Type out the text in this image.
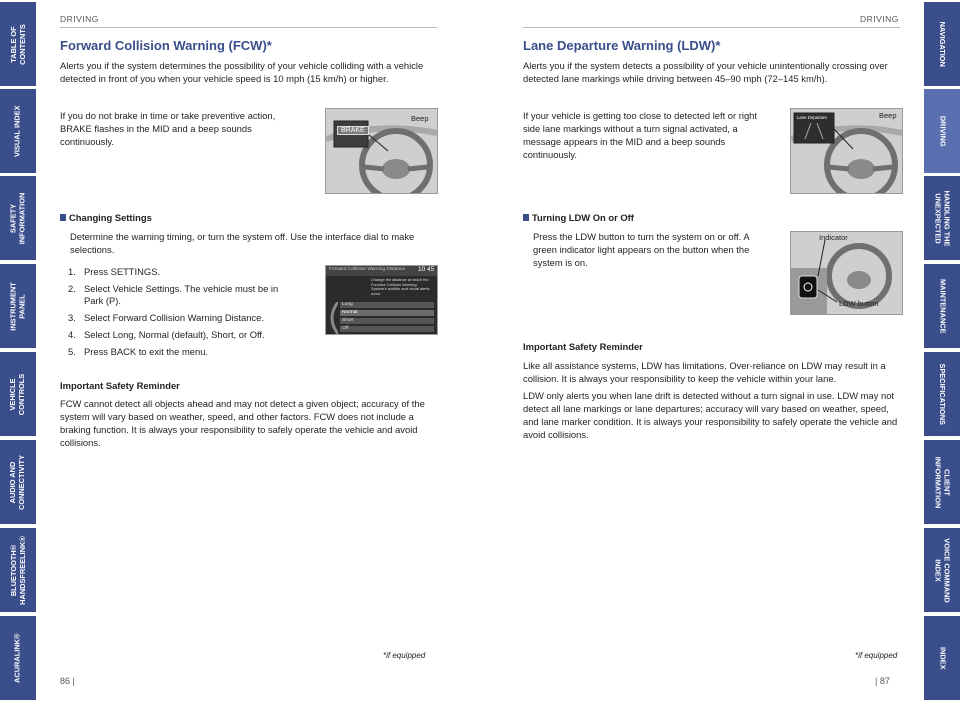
TABLE OF
CONTENTS
VISUAL INDEX
SAFETY
INFORMATION
INSTRUMENT
PANEL
VEHICLE
CONTROLS
AUDIO AND
CONNECTIVITY
BLUETOOTH®
HANDSFREELINK®
ACURALINK®
NAVIGATION
DRIVING
HANDLING THE
UNEXPECTED
MAINTENANCE
SPECIFICATIONS
CLIENT
INFORMATION
VOICE COMMAND
INDEX
INDEX
DRIVING
Forward Collision Warning (FCW)*

Alerts you if the system determines the possibility of your vehicle colliding with a vehicle detected in front of you when your vehicle speed is 10 mph (15 km/h) or higher.

If you do not brake in time or take preventive action, BRAKE flashes in the MID and a beep sounds continuously.

BRAKE
Beep
Changing Settings

Determine the warning timing, or turn the system off. Use the interface dial to make selections.

1. Press SETTINGS.
2. Select Vehicle Settings. The vehicle must be in Park (P).
3. Select Forward Collision Warning Distance.
4. Select Long, Normal (default), Short, or Off.
5. Press BACK to exit the menu.
Forward Collision Warning Distance 10 45
Change the distance at which the Forward Collision Warning System's audible and visual alerts occur.
Long
Normal
Short
Off
Important Safety Reminder

FCW cannot detect all objects ahead and may not detect a given object; accuracy of the system will vary based on weather, speed, and other factors. FCW does not include a braking function. It is always your responsibility to safely operate the vehicle and avoid collisions.

*if equipped
86 |
DRIVING
Lane Departure Warning (LDW)*

Alerts you if the system detects a possibility of your vehicle unintentionally crossing over detected lane markings while driving between 45–90 mph (72–145 km/h).

If your vehicle is getting too close to detected left or right side lane markings without a turn signal activated, a message appears in the MID and a beep sounds continuously.

Lane Departure	Beep
Turning LDW On or Off

Press the LDW button to turn the system on or off. A green indicator light appears on the button when the system is on.

Indicator
LDW button
Important Safety Reminder

Like all assistance systems, LDW has limitations. Over-reliance on LDW may result in a collision. It is always your responsibility to keep the vehicle within your lane.

LDW only alerts you when lane drift is detected without a turn signal in use. LDW may not detect all lane markings or lane departures; accuracy will vary based on weather, speed, and lane marker condition. It is always your responsibility to safely operate the vehicle and avoid collisions.

*if equipped
| 87
